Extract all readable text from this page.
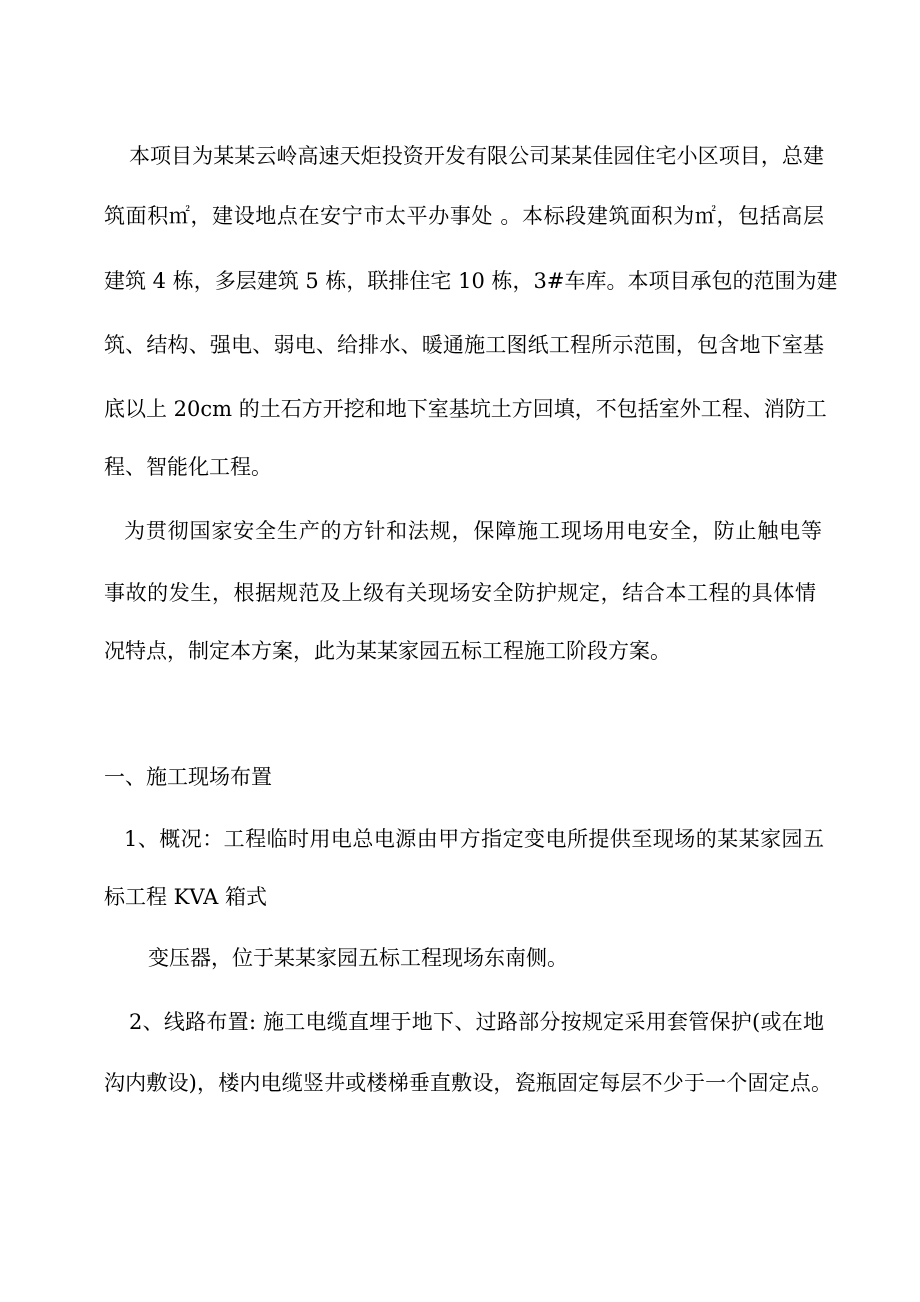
本项目为某某云岭高速天炬投资开发有限公司某某佳园住宅小区项目，总建

筑面积㎡，建设地点在安宁市太平办事处 。本标段建筑面积为㎡，包括高层

建筑 4 栋，多层建筑 5 栋，联排住宅 10 栋，3#车库。本项目承包的范围为建

筑、结构、强电、弱电、给排水、暖通施工图纸工程所示范围，包含地下室基

底以上 20cm 的土石方开挖和地下室基坑土方回填，不包括室外工程、消防工

程、智能化工程。

为贯彻国家安全生产的方针和法规，保障施工现场用电安全，防止触电等

事故的发生，根据规范及上级有关现场安全防护规定，结合本工程的具体情

况特点，制定本方案，此为某某家园五标工程施工阶段方案。

一、施工现场布置

1、概况：工程临时用电总电源由甲方指定变电所提供至现场的某某家园五

标工程 KVA 箱式

变压器，位于某某家园五标工程现场东南侧。

2、线路布置: 施工电缆直埋于地下、过路部分按规定采用套管保护(或在地

沟内敷设)，楼内电缆竖井或楼梯垂直敷设，瓷瓶固定每层不少于一个固定点。
